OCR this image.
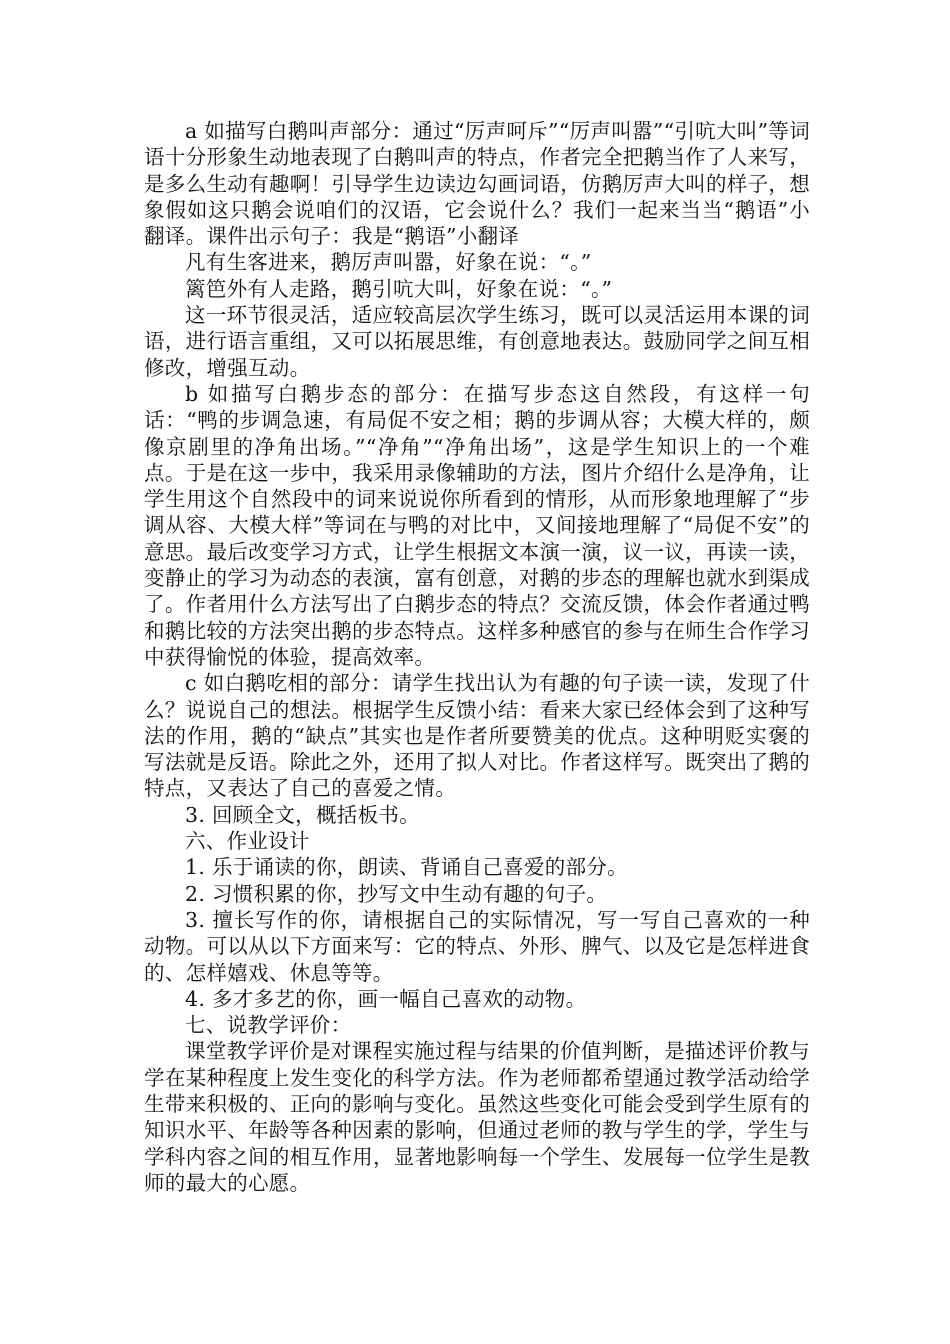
a 如描写白鹅叫声部分：通过“厉声呵斥”“厉声叫嚣”“引吭大叫”等词语十分形象生动地表现了白鹅叫声的特点，作者完全把鹅当作了人来写，是多么生动有趣啊！引导学生边读边勾画词语，仿鹅厉声大叫的样子，想象假如这只鹅会说咱们的汉语，它会说什么？我们一起来当当“鹅语”小翻译。课件出示句子：我是“鹅语”小翻译

凡有生客进来，鹅厉声叫嚣，好象在说：“。”

篱笆外有人走路，鹅引吭大叫，好象在说：“。”

这一环节很灵活，适应较高层次学生练习，既可以灵活运用本课的词语，进行语言重组，又可以拓展思维，有创意地表达。鼓励同学之间互相修改，增强互动。

b 如描写白鹅步态的部分：在描写步态这自然段，有这样一句话：“鸭的步调急速，有局促不安之相；鹅的步调从容；大模大样的，颇像京剧里的净角出场。”“净角”“净角出场”，这是学生知识上的一个难点。于是在这一步中，我采用录像辅助的方法，图片介绍什么是净角，让学生用这个自然段中的词来说说你所看到的情形，从而形象地理解了“步调从容、大模大样”等词在与鸭的对比中，又间接地理解了“局促不安”的意思。最后改变学习方式，让学生根据文本演一演，议一议，再读一读，变静止的学习为动态的表演，富有创意，对鹅的步态的理解也就水到渠成了。作者用什么方法写出了白鹅步态的特点？交流反馈，体会作者通过鸭和鹅比较的方法突出鹅的步态特点。这样多种感官的参与在师生合作学习中获得愉悦的体验，提高效率。

c 如白鹅吃相的部分：请学生找出认为有趣的句子读一读，发现了什么？说说自己的想法。根据学生反馈小结：看来大家已经体会到了这种写法的作用，鹅的“缺点”其实也是作者所要赞美的优点。这种明贬实褒的写法就是反语。除此之外，还用了拟人对比。作者这样写。既突出了鹅的特点，又表达了自己的喜爱之情。

3. 回顾全文，概括板书。

六、作业设计

1. 乐于诵读的你，朗读、背诵自己喜爱的部分。

2. 习惯积累的你，抄写文中生动有趣的句子。

3. 擅长写作的你，请根据自己的实际情况，写一写自己喜欢的一种动物。可以从以下方面来写：它的特点、外形、脾气、以及它是怎样进食的、怎样嬉戏、休息等等。

4. 多才多艺的你，画一幅自己喜欢的动物。

七、说教学评价：

课堂教学评价是对课程实施过程与结果的价值判断，是描述评价教与学在某种程度上发生变化的科学方法。作为老师都希望通过教学活动给学生带来积极的、正向的影响与变化。虽然这些变化可能会受到学生原有的知识水平、年龄等各种因素的影响，但通过老师的教与学生的学，学生与学科内容之间的相互作用，显著地影响每一个学生、发展每一位学生是教师的最大的心愿。
